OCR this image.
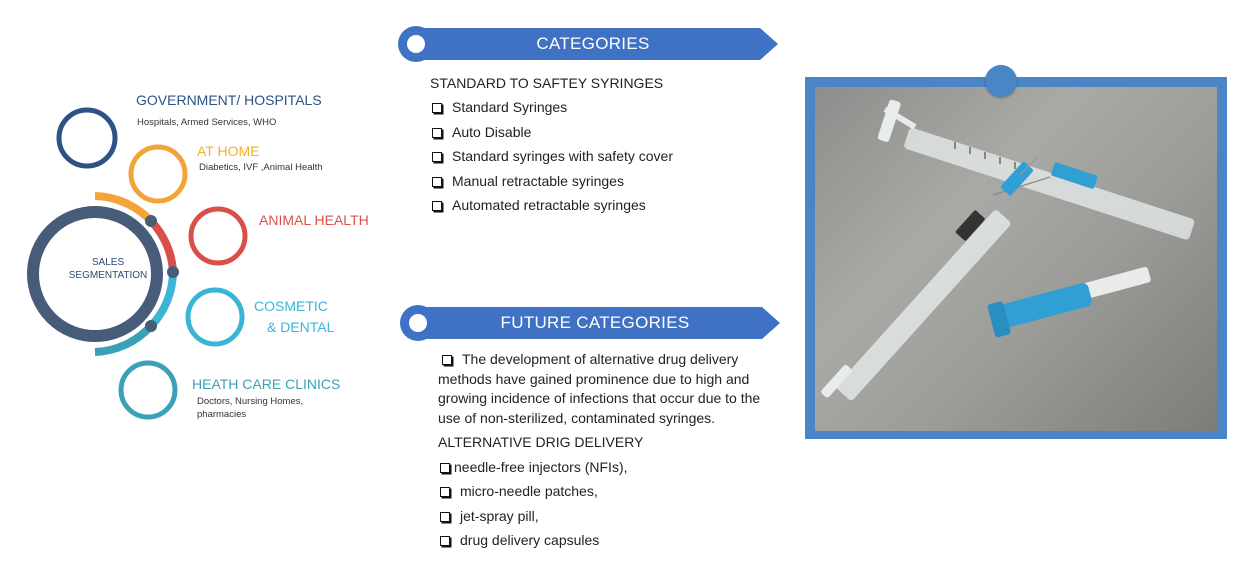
SALES
SEGMENTATION
GOVERNMENT/ HOSPITALS
Hospitals, Armed Services, WHO
AT HOME
Diabetics, IVF ,Animal Health
ANIMAL HEALTH
COSMETIC
& DENTAL
HEATH CARE CLINICS
Doctors, Nursing Homes,
pharmacies
CATEGORIES
STANDARD TO SAFTEY SYRINGES
Standard Syringes
Auto Disable
Standard syringes with safety cover
Manual retractable syringes
Automated retractable syringes
FUTURE CATEGORIES
The development of alternative drug delivery methods have gained prominence due to high and growing incidence of infections that occur due to the use of non-sterilized, contaminated syringes.
ALTERNATIVE DRIG DELIVERY
needle-free injectors (NFIs),
micro-needle patches,
jet-spray pill,
drug delivery capsules
